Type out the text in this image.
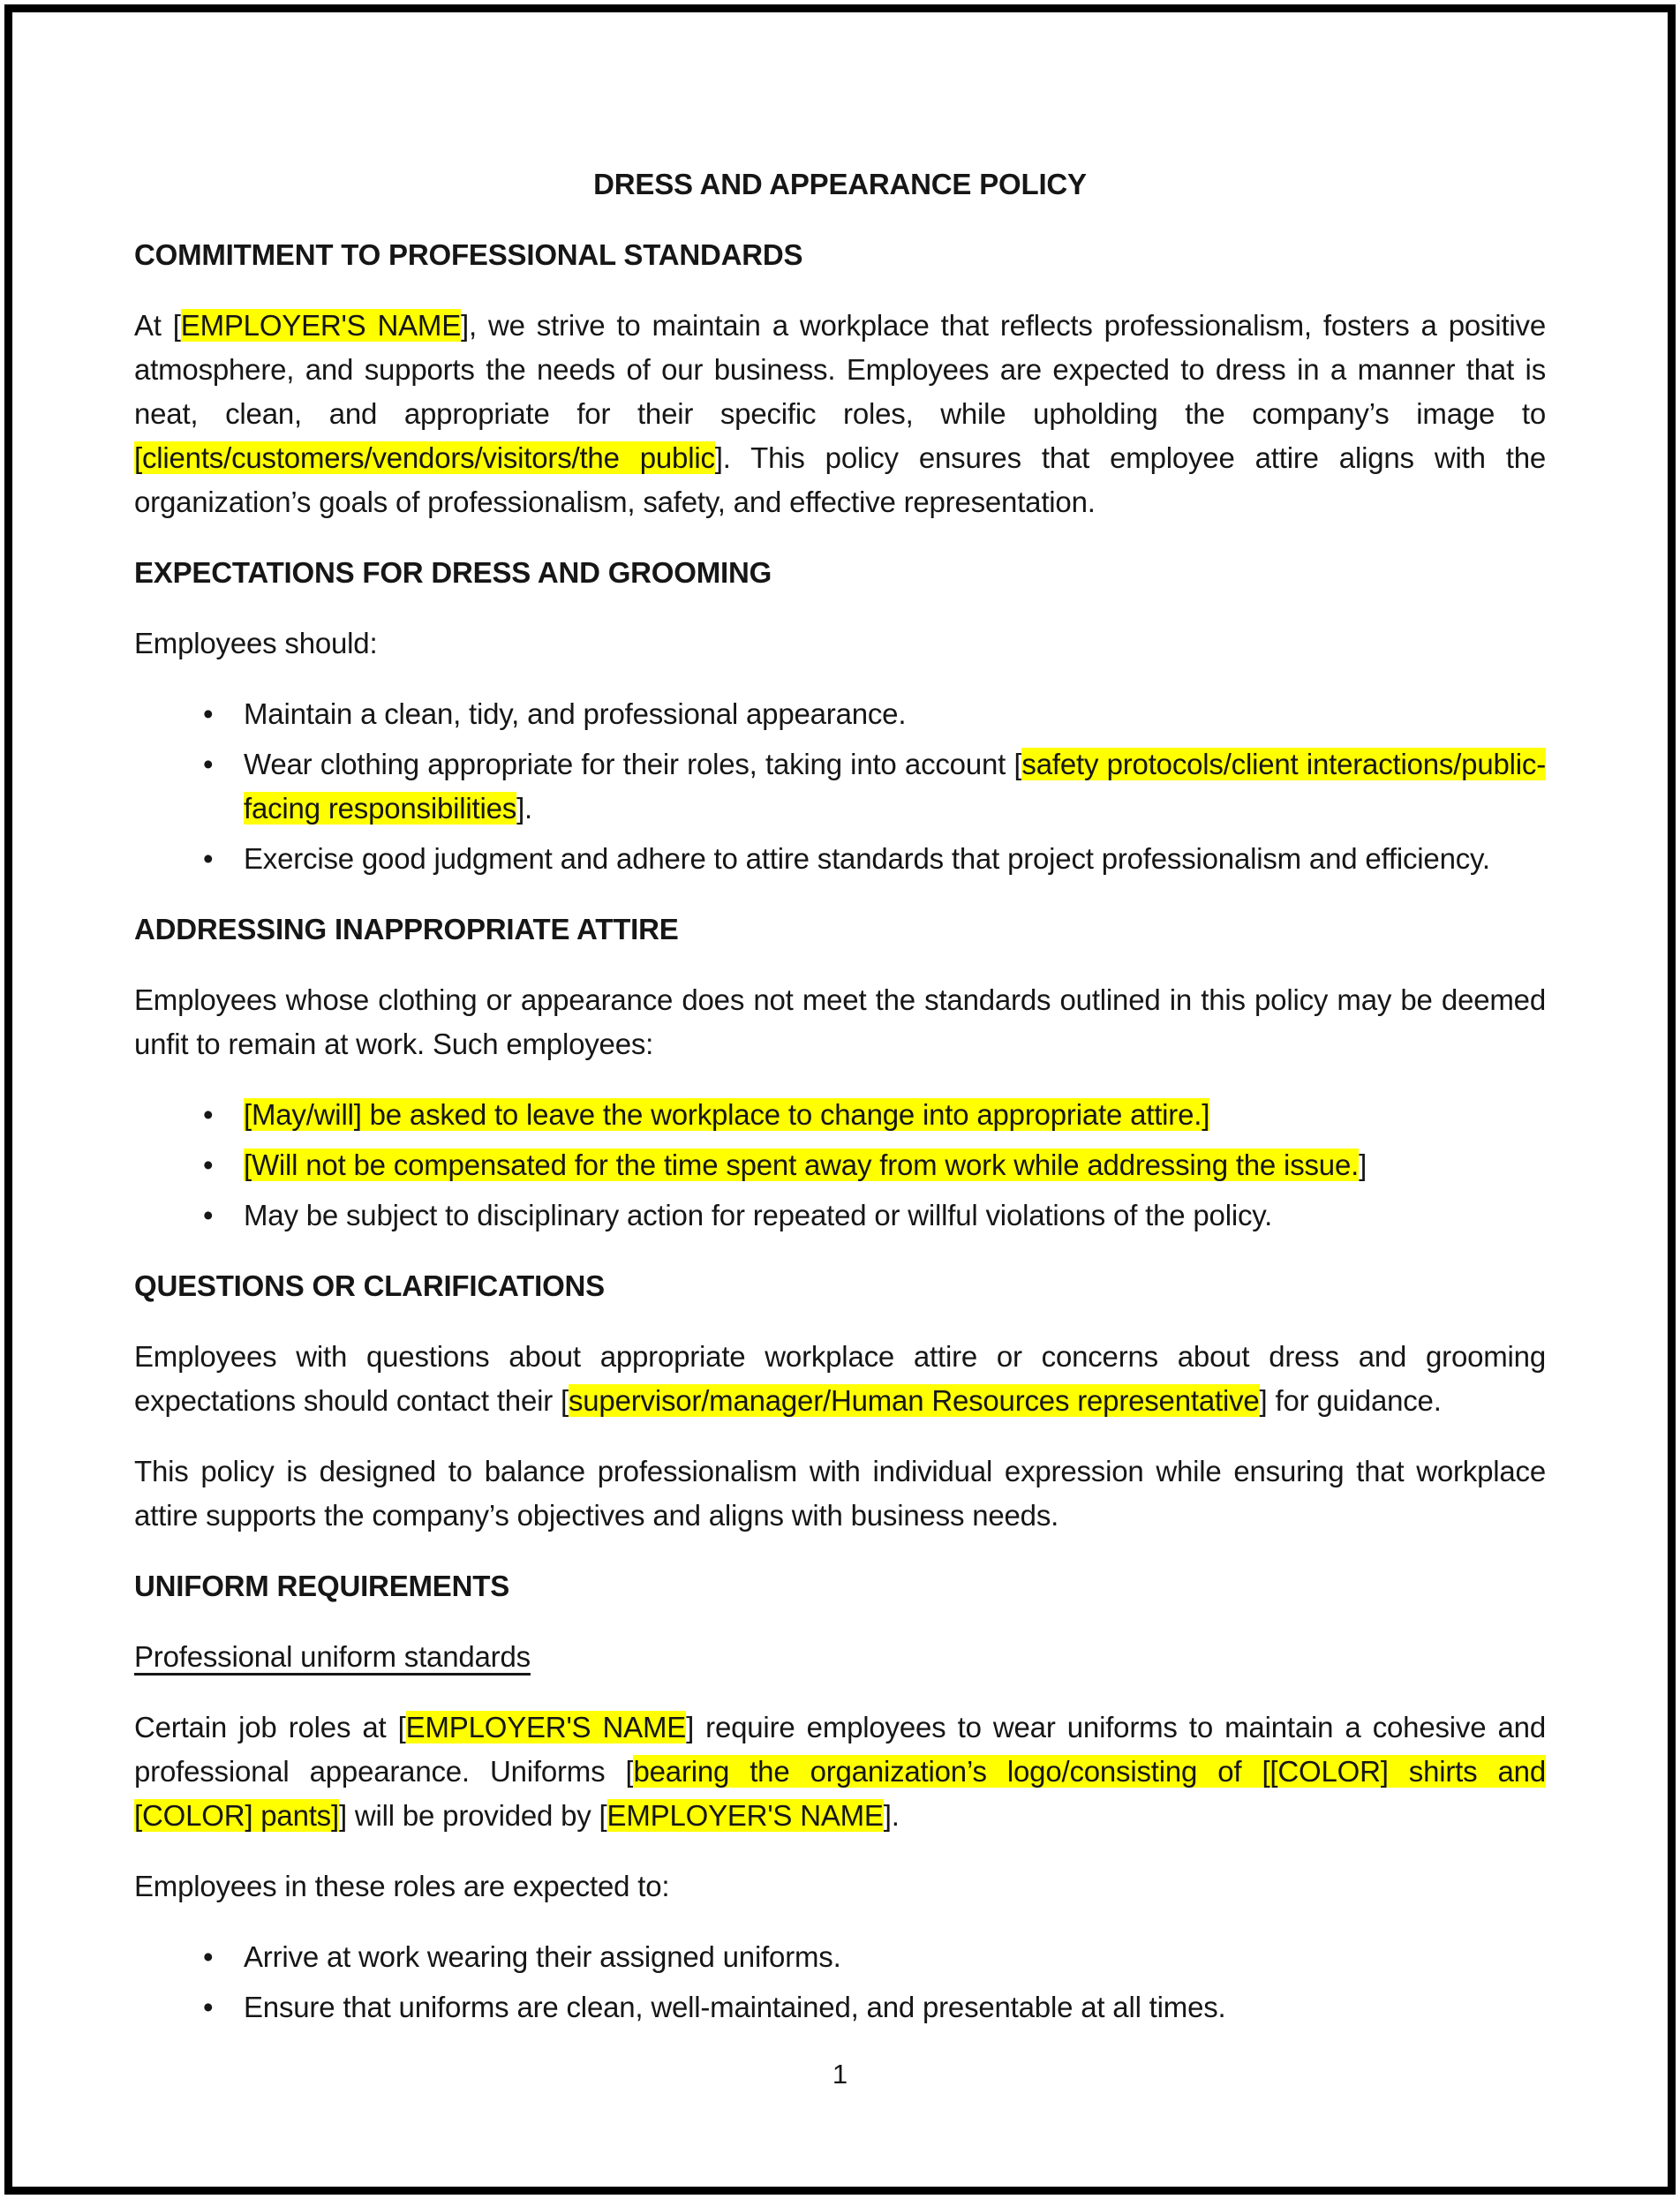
DRESS AND APPEARANCE POLICY
COMMITMENT TO PROFESSIONAL STANDARDS

At [EMPLOYER'S NAME], we strive to maintain a workplace that reflects professionalism, fosters a positive atmosphere, and supports the needs of our business. Employees are expected to dress in a manner that is neat, clean, and appropriate for their specific roles, while upholding the company’s image to [clients/customers/vendors/visitors/the public]. This policy ensures that employee attire aligns with the organization’s goals of professionalism, safety, and effective representation.

EXPECTATIONS FOR DRESS AND GROOMING

Employees should:

• Maintain a clean, tidy, and professional appearance.
• Wear clothing appropriate for their roles, taking into account [safety protocols/client interactions/public-facing responsibilities].
• Exercise good judgment and adhere to attire standards that project professionalism and efficiency.
ADDRESSING INAPPROPRIATE ATTIRE

Employees whose clothing or appearance does not meet the standards outlined in this policy may be deemed unfit to remain at work. Such employees:

• [May/will] be asked to leave the workplace to change into appropriate attire.]
• [Will not be compensated for the time spent away from work while addressing the issue.]
• May be subject to disciplinary action for repeated or willful violations of the policy.
QUESTIONS OR CLARIFICATIONS

Employees with questions about appropriate workplace attire or concerns about dress and grooming expectations should contact their [supervisor/manager/Human Resources representative] for guidance.

This policy is designed to balance professionalism with individual expression while ensuring that workplace attire supports the company’s objectives and aligns with business needs.

UNIFORM REQUIREMENTS

Professional uniform standards

Certain job roles at [EMPLOYER'S NAME] require employees to wear uniforms to maintain a cohesive and professional appearance. Uniforms [bearing the organization’s logo/consisting of [[COLOR] shirts and [COLOR] pants]] will be provided by [EMPLOYER'S NAME].

Employees in these roles are expected to:

• Arrive at work wearing their assigned uniforms.
• Ensure that uniforms are clean, well-maintained, and presentable at all times.
1
